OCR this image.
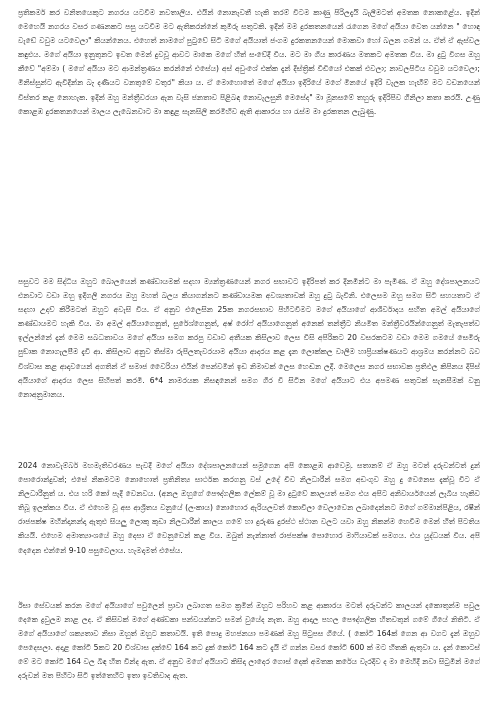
ප්‍රතිකර්ම කර වනිතයෙකුට නගරය යටවීම නවතාලිය. එයින් නොනැවතී හැකි තරම් විටම කාණු පිරිලදැයි බැලීමටත් අමතක නොකළේය. ඉදින් මෙහෙයි නගරය වසර ගණනකට පසු යටවීම මට ඇතිකරන්නේ කුමිරු සතුටකි. ඉදින් මම දුරකතනයෙන් රැගෙන මගේ අයියා වෙත යන්නෙ " හොඳ වැඩේ වවුම යටවෙලා" කියන්නෙය. එහෙත් නාමගේ පුටුවේ සිටි මගේ අයියාත් ජංගම දුරකතනයෙන් මොකවා හෝ බලන ගමන් ය. ඒත් ඒ ඇස්වල කඳුළුය. මගේ අයියා ඉනුතුනට ඉවත මෙන් දුවවූ ආවට මාකෙ මගේ හිත් සංවේදී විය. මට මා ගිය කාරණය මතකට අමතක විය. මා දුටු විගස ඔහු කීවේ "අම්මා ( මගේ අයියා මට ආමන්ත්‍රණය කරන්නේ එසේය) අස් අවුංශේ එක්ක දැන් දිස්ත්‍රික් වීඩියෝ එකක් එවලා; නාවලපිටිය වවුම යටවෙලා; මිනිස්සුන්ට ඇවිදින්න බෑ දණියට වනතුමේ වතුර" කියා ය. ඒ මොහොතේ මගේ අයියා ඉදිරියේ මගේ මිනයේ ඉදිරි වැලක හැඟීම් මට වචනයෙන් විස්තර කළ නොහැක. ඉදින් ඔහු මන්ත්‍රීවරයා ඇන වැසි ජනතාව පිළිබඳ නොවැලසුනි මෙසේද" මා මූනසමේ තහුරු ඉදිරිපිව ගිනිලා කතා කරයි. උණු කොළඹ දුරකතනයෙන් මාලය ලැබෙනවාට මා කඳුළ සැනසිලි කරමිහිව ඇති ආකාරය හා රැස්ම මා දුරකතන ලැබුණු.

පසුවට මම සිද්ධිය ඔහුට බොලයෙන් කණ්ඩායමක් සදහා ම්‍යන්ත්‍රණයෙන් නගර සභාවට ඉදිරිපත් කර දිනමින්ට මා පැමිණ. ඒ ඔහු දේශපාලනයට එනවාට වඩා ඔහු ඉදිගලි නගරය ඔහු මහත් බලය කියාගන්නට කණ්ඩායමක අවශ්‍යතාවක් ඔහු දුටු බැවිනි. එලෙසම ඔහු සමග සිටි සහයතාට ඒ සදහා උදව් කිරීමටත් ඔහුට අවැසි විය. ඒ අනුව එලෙසින 25ක නගරසභාව පිහිටවීමට මගේ අයියාගේ ආශිර්වාදය සහිත අමල් අයියාගේ කණ්ඩායමට හැකි විය. මා අමල් අයියාගෙනුත්, සුරේශ්ගෙනුත්, අෂ් රෝෆ් අයියාගෙනුත් අනෙක් තන්ත්‍රීට නියමිත මන්ත්‍රීවරයින්ගෙනුත් මැතැපත්ව ඉල්ලන්නේ දැන් මෙම සබධතාවය මගේ අයියා සමග කරපු වඩාව අතීයක කිසිලාව ලෙස විසි අපිරිකට 20 වසරකටම වඩා මෙම ගමයේ සෙමිරු පුඞාක නොගැලපීම දැවී ආ. කිසිලාව අනුව තිස්මා රුපිලතැවරයාම අයියා ආදරය කළ දැන ලොක්කල වාලිම හාප්‍රියක්ෂණයට ආශ්‍රමය කරන්නට බව විශ්වාස කළ ආදාවයෙන් අගතින් ඒ සමාජ වෛරියා එයින් පෙන්වමින් ඉඩ නිමාවක් ලෙස හෙඬන ලදී. මෙලෙස නගර සභාවක ප්‍රතිඵල කිපිනය දිපිස් අයියාගේ ආදරය ලෙස සිහිපත් කරමි. 6*4 නාමරයක නිසඳනෙන් සමග ගිර වී සිටින මගේ අයියාට එය අපමණ සතුටක් සැනසීමක් වනු නොඅනුමානය.

2024 නොවැම්බර් මහමැතිවරණය පැවදී මගේ අයියා දේශපාලනයෙන් සමුගෙන අපි කොළඹ ආවෙමු. සතානම් ඒ ඔහු මටත් දරුවන්ටත් දුන් පොරොන්දුවක්; එසේ නිකමටම නොහොත් ප්‍රතිනිත්‍ය සාර්ථක කරගනු වස් උදේ චීව නිලධාරීන් සමග අඩංගුව ඔහු දු වෙනෙස දැක්වූ විට ඒ නිලධාරීනුත් ය. එය හරි කෝ පැදි වෙනවය. (අනල ඔහුගේ පෞද්ගලික ලේකම් වූ මා දුටුවේ කාලයත් සමග එය අපිට අනිවාර්යයෙන් ලැබිය හැකිව තිබූ ඉලක්කය විය. ඒ එහෙම වූ අස ආශ්‍රිතය වනුයේ (ලංකාය) නොහොර ඇරියලවත් කොවිලා වෙලාවෙන ලබාදෙන්නට මගේ ගම්මාන්පිළිය, රෂීන් රාජපක්ෂ මහින්දානන්දා ඇතුළු සියලු ලොකු කුඩා නිලධාරීන් කාලය ගමේ හා දුරුණ දුරස්ථ ස්ථාන වලට යවා ඔහු නිකන්ම හෙවීම මෙන් හිත් පිටතිය කියයි. එහෙම අමාත්‍යාංශයේ ඔහු දෙසා ඒ වෙනුවෙන් කළ විය. ඔබුත් නැන්නාත් රාජපක්ෂ පොහොර මාෆියාවක් සමගය. එය යුද්ධයක් විය. අපි දෙදෙන එන්නේ 9-10 පසුවෙලාය. හැමදාමත් එසේය.

ඊසා සේවයක් කරන මගේ අයියාගේ පවුලෙන් ප්‍රාවා ලබාගත සමග ක්‍රමින් ඔහුට පරිහව කළ ආකාරය මටත් දරුවන්ට කාලයන් දකොතුන්ම පවුල දෙකෙ ද්‍රවුලම නාළ ලද. ඒ කිසිවක් මගේ අණ්ඩකා පන්වයන්නට සමන් වුයේද නැත. ඔහු ආදාල පහල පෞද්ගලික හිතවතුන් ගමේ ගියේ නිතිටි. ඒ මගේ අයියාගේ ශක්‍යතාව නිසා ඔහුත් ඔහුට කතාවයි. ඉති පොදු මහජනයා පමණක් ඔහු පිටුපස ගියේ. ( කෝටි 164ක් ගෙන ආ වගට දැන් ඔහුව පෙදෙසලා. අදාළ කෝටි 5කට 20 විශ්වාස දක්වේ 164 කට දුක් කෝටි 164 කට දැයි ඒ ගන්න වසර කෝටි 600 ක් මට හිතකි ඇතුවා ය. දැන් කොටස් මේ මට කෝටි 164 වල බිඳ හිත වින්ද ඇත. ඒ අනුව මගේ අයියාට කිසිදා ලාදෙර ගොස් දෙක් අමතක කරේය වැරදිව ද මා මෙහිදී නවා සිටුමින් මගේ දරුවන් මත පිහිටා සිටි ඉත්තෙහිට ඉතා ඉවතිවාද ඇත.
